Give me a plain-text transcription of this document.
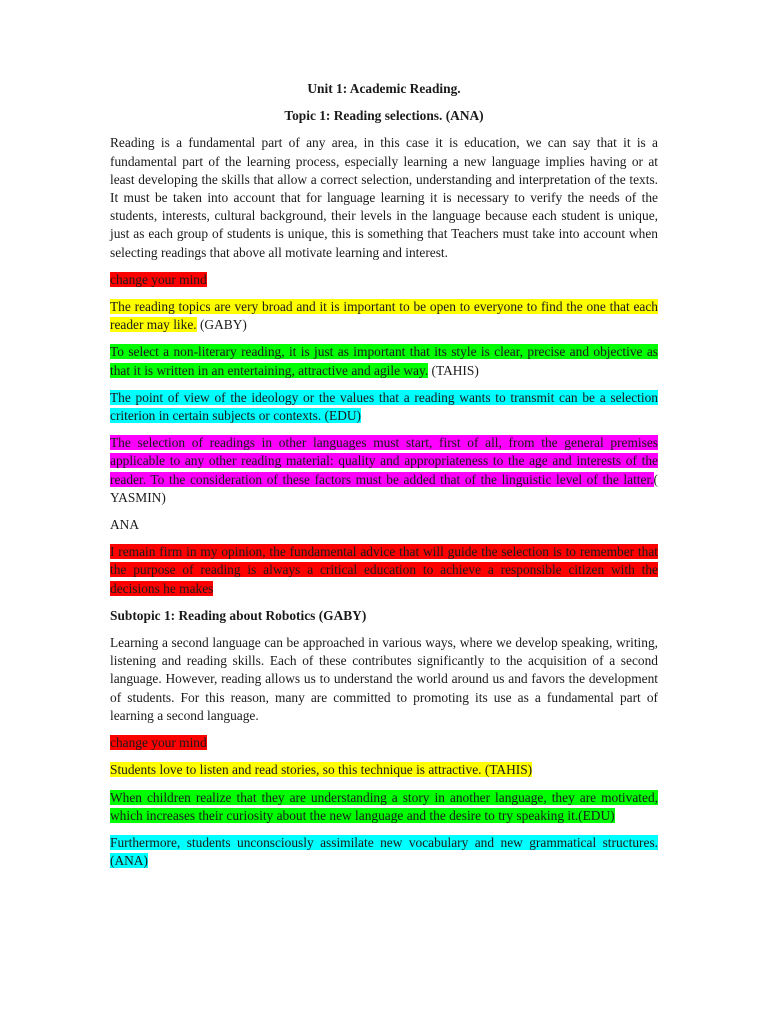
Unit 1: Academic Reading.
Topic 1: Reading selections. (ANA)

Reading is a fundamental part of any area, in this case it is education, we can say that it is a fundamental part of the learning process, especially learning a new language implies having or at least developing the skills that allow a correct selection, understanding and interpretation of the texts. It must be taken into account that for language learning it is necessary to verify the needs of the students, interests, cultural background, their levels in the language because each student is unique, just as each group of students is unique, this is something that Teachers must take into account when selecting readings that above all motivate learning and interest.

change your mind

The reading topics are very broad and it is important to be open to everyone to find the one that each reader may like. (GABY)

To select a non-literary reading, it is just as important that its style is clear, precise and objective as that it is written in an entertaining, attractive and agile way. (TAHIS)

The point of view of the ideology or the values that a reading wants to transmit can be a selection criterion in certain subjects or contexts. (EDU)

The selection of readings in other languages must start, first of all, from the general premises applicable to any other reading material: quality and appropriateness to the age and interests of the reader. To the consideration of these factors must be added that of the linguistic level of the latter.( YASMIN)

ANA

I remain firm in my opinion, the fundamental advice that will guide the selection is to remember that the purpose of reading is always a critical education to achieve a responsible citizen with the decisions he makes

Subtopic 1: Reading about Robotics (GABY)

Learning a second language can be approached in various ways, where we develop speaking, writing, listening and reading skills. Each of these contributes significantly to the acquisition of a second language. However, reading allows us to understand the world around us and favors the development of students. For this reason, many are committed to promoting its use as a fundamental part of learning a second language.

change your mind

Students love to listen and read stories, so this technique is attractive. (TAHIS)

When children realize that they are understanding a story in another language, they are motivated, which increases their curiosity about the new language and the desire to try speaking it.(EDU)

Furthermore, students unconsciously assimilate new vocabulary and new grammatical structures. (ANA)
